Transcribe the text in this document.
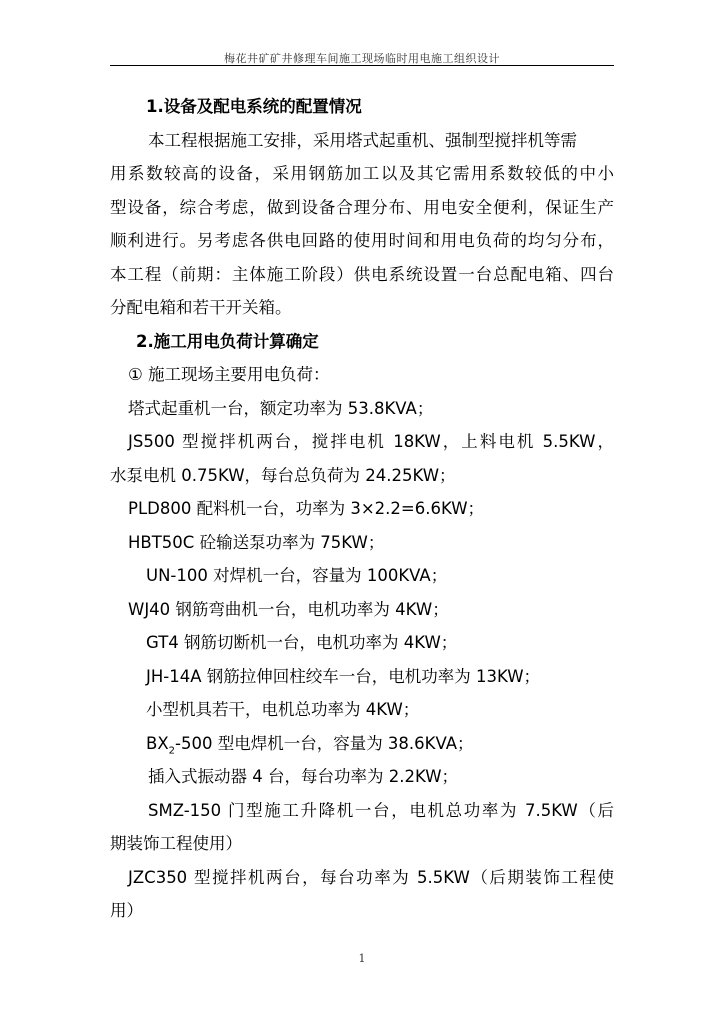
梅花井矿矿井修理车间施工现场临时用电施工组织设计
1.设备及配电系统的配置情况
本工程根据施工安排，采用塔式起重机、强制型搅拌机等需
用系数较高的设备，采用钢筋加工以及其它需用系数较低的中小
型设备，综合考虑，做到设备合理分布、用电安全便利，保证生产
顺利进行。另考虑各供电回路的使用时间和用电负荷的均匀分布，
本工程（前期：主体施工阶段）供电系统设置一台总配电箱、四台
分配电箱和若干开关箱。
2.施工用电负荷计算确定
① 施工现场主要用电负荷：
塔式起重机一台，额定功率为 53.8KVA；
JS500 型搅拌机两台，搅拌电机 18KW，上料电机 5.5KW，
水泵电机 0.75KW，每台总负荷为 24.25KW；
PLD800 配料机一台，功率为 3×2.2=6.6KW；
HBT50C 砼输送泵功率为 75KW；
UN-100 对焊机一台，容量为 100KVA；
WJ40 钢筋弯曲机一台，电机功率为 4KW；
GT4 钢筋切断机一台，电机功率为 4KW；
JH-14A 钢筋拉伸回柱绞车一台，电机功率为 13KW；
小型机具若干，电机总功率为 4KW；
$BX_2-500$ 型电焊机一台，容量为 38.6KVA；
插入式振动器 4 台，每台功率为 2.2KW；
SMZ-150 门型施工升降机一台，电机总功率为 7.5KW（后
期装饰工程使用）
JZC350 型搅拌机两台，每台功率为 5.5KW（后期装饰工程使
用）
1
